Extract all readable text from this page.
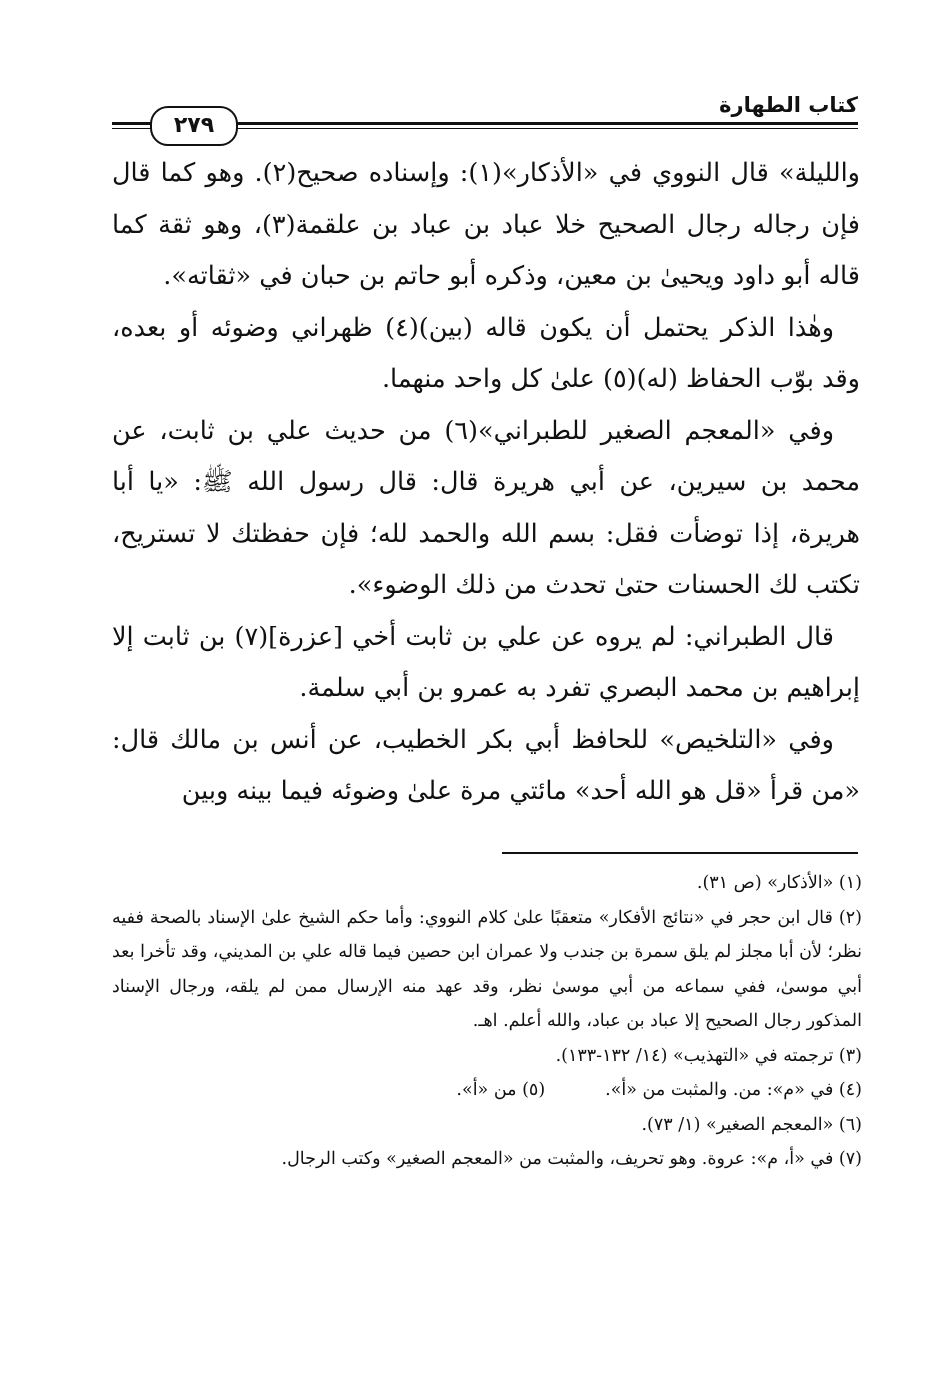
كتاب الطهارة
٢٧٩

والليلة» قال النووي في «الأذكار»(١): وإسناده صحيح(٢). وهو كما قال فإن رجاله رجال الصحيح خلا عباد بن عباد بن علقمة(٣)، وهو ثقة كما قاله أبو داود ويحيىٰ بن معين، وذكره أبو حاتم بن حبان في «ثقاته».

وهٰذا الذكر يحتمل أن يكون قاله (بين)(٤) ظهراني وضوئه أو بعده، وقد بوّب الحفاظ (له)(٥) علىٰ كل واحد منهما.

وفي «المعجم الصغير للطبراني»(٦) من حديث علي بن ثابت، عن محمد بن سيرين، عن أبي هريرة قال: قال رسول الله ﷺ: «يا أبا هريرة، إذا توضأت فقل: بسم الله والحمد لله؛ فإن حفظتك لا تستريح، تكتب لك الحسنات حتىٰ تحدث من ذلك الوضوء».

قال الطبراني: لم يروه عن علي بن ثابت أخي [عزرة](٧) بن ثابت إلا إبراهيم بن محمد البصري تفرد به عمرو بن أبي سلمة.

وفي «التلخيص» للحافظ أبي بكر الخطيب، عن أنس بن مالك قال: «من قرأ «قل هو الله أحد» مائتي مرة علىٰ وضوئه فيما بينه وبين

(١) «الأذكار» (ص ٣١).

(٢) قال ابن حجر في «نتائج الأفكار» متعقبًا علىٰ كلام النووي: وأما حكم الشيخ علىٰ الإسناد بالصحة ففيه نظر؛ لأن أبا مجلز لم يلق سمرة بن جندب ولا عمران ابن حصين فيما قاله علي بن المديني، وقد تأخرا بعد أبي موسىٰ، ففي سماعه من أبي موسىٰ نظر، وقد عهد منه الإرسال ممن لم يلقه، ورجال الإسناد المذكور رجال الصحيح إلا عباد بن عباد، والله أعلم. اهـ.

(٣) ترجمته في «التهذيب» (١٤/ ١٣٢-١٣٣).

(٤) في «م»: من. والمثبت من «أ».(٥) من «أ».

(٦) «المعجم الصغير» (١/ ٧٣).

(٧) في «أ، م»: عروة. وهو تحريف، والمثبت من «المعجم الصغير» وكتب الرجال.
